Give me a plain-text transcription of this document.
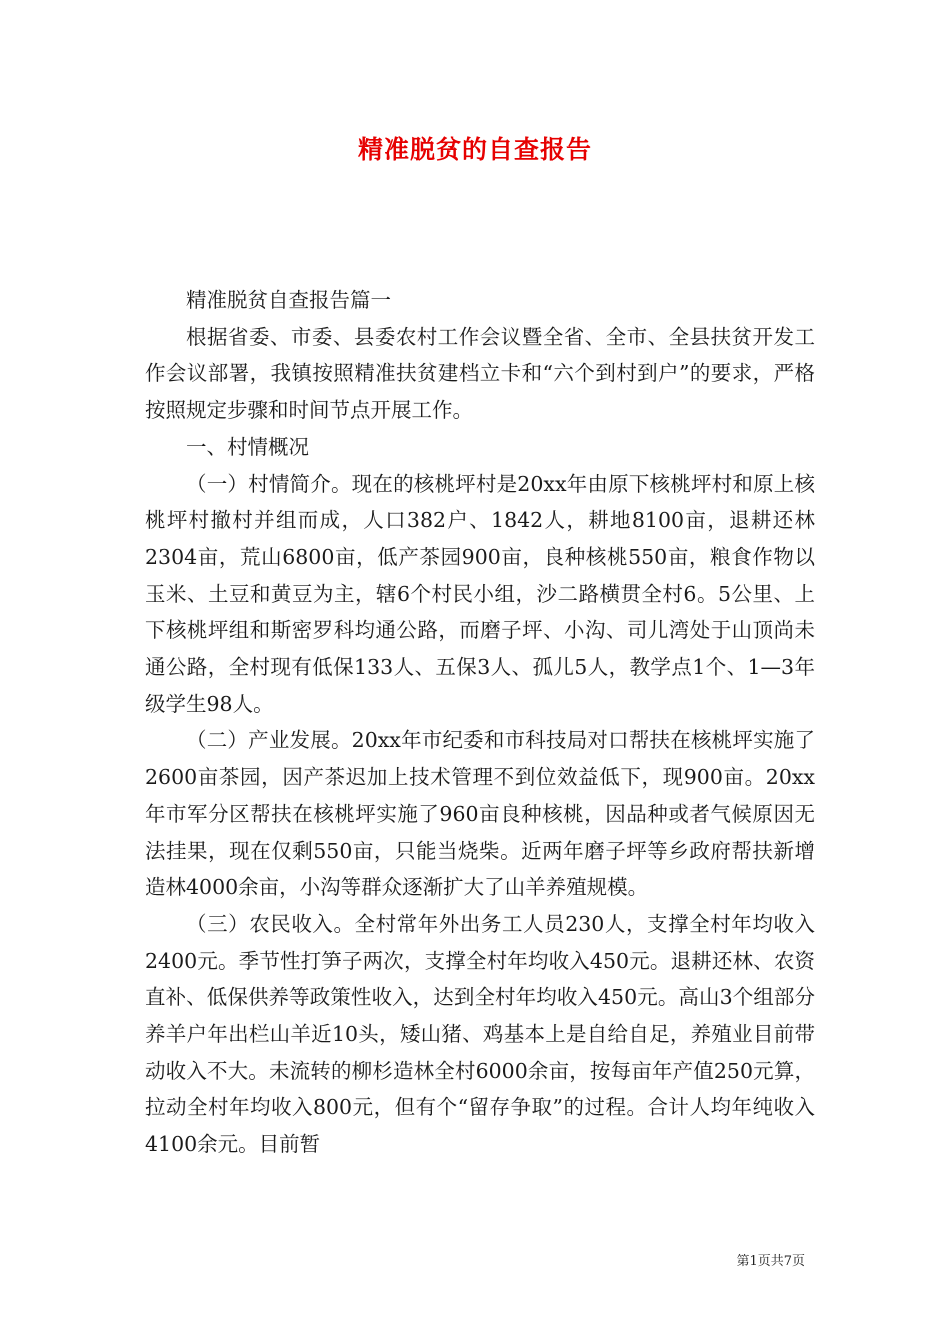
精准脱贫的自查报告

精准脱贫自查报告篇一

根据省委、市委、县委农村工作会议暨全省、全市、全县扶贫开发工作会议部署，我镇按照精准扶贫建档立卡和“六个到村到户”的要求，严格按照规定步骤和时间节点开展工作。

一、村情概况

（一）村情简介。现在的核桃坪村是20xx年由原下核桃坪村和原上核桃坪村撤村并组而成，人口382户、1842人，耕地8100亩，退耕还林2304亩，荒山6800亩，低产茶园900亩，良种核桃550亩，粮食作物以玉米、土豆和黄豆为主，辖6个村民小组，沙二路横贯全村6。5公里、上下核桃坪组和斯密罗科均通公路，而磨子坪、小沟、司儿湾处于山顶尚未通公路，全村现有低保133人、五保3人、孤儿5人，教学点1个、1—3年级学生98人。

（二）产业发展。20xx年市纪委和市科技局对口帮扶在核桃坪实施了2600亩茶园，因产茶迟加上技术管理不到位效益低下，现900亩。20xx年市军分区帮扶在核桃坪实施了960亩良种核桃，因品种或者气候原因无法挂果，现在仅剩550亩，只能当烧柴。近两年磨子坪等乡政府帮扶新增造林4000余亩，小沟等群众逐渐扩大了山羊养殖规模。

（三）农民收入。全村常年外出务工人员230人，支撑全村年均收入2400元。季节性打笋子两次，支撑全村年均收入450元。退耕还林、农资直补、低保供养等政策性收入，达到全村年均收入450元。高山3个组部分养羊户年出栏山羊近10头，矮山猪、鸡基本上是自给自足，养殖业目前带动收入不大。未流转的柳杉造林全村6000余亩，按每亩年产值250元算，拉动全村年均收入800元，但有个“留存争取”的过程。合计人均年纯收入4100余元。目前暂

第1页共7页
